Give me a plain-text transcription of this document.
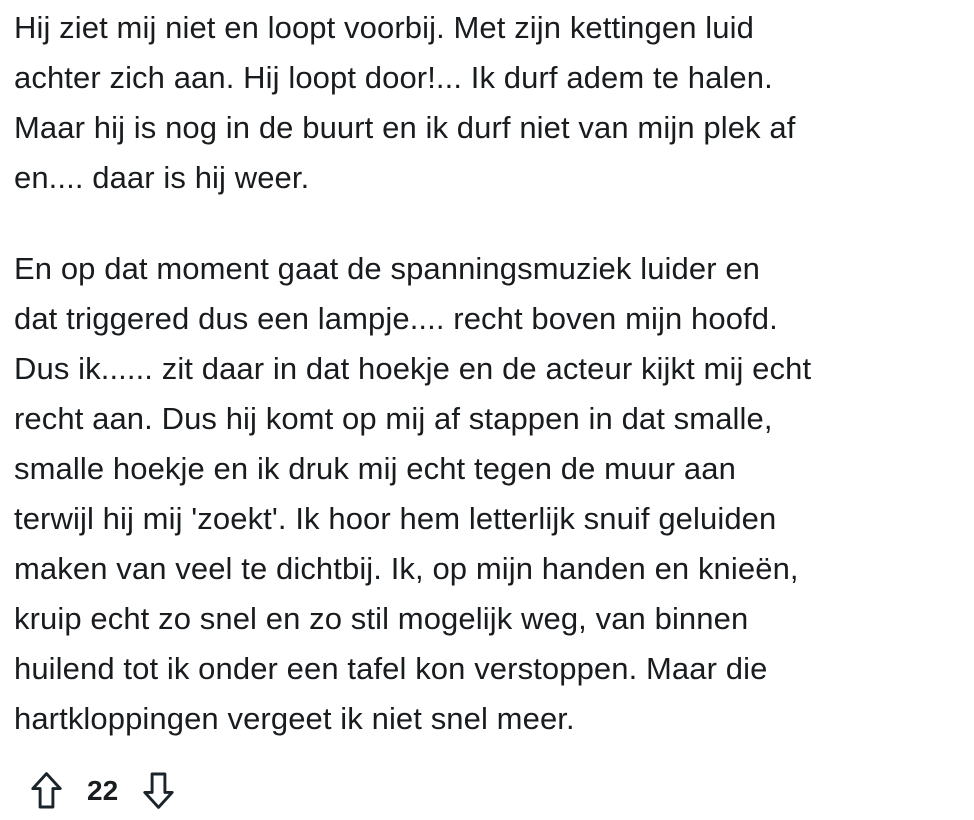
Hij ziet mij niet en loopt voorbij. Met zijn kettingen luid
achter zich aan. Hij loopt door!... Ik durf adem te halen.
Maar hij is nog in de buurt en ik durf niet van mijn plek af
en.... daar is hij weer.

En op dat moment gaat de spanningsmuziek luider en
dat triggered dus een lampje.... recht boven mijn hoofd.
Dus ik...... zit daar in dat hoekje en de acteur kijkt mij echt
recht aan. Dus hij komt op mij af stappen in dat smalle,
smalle hoekje en ik druk mij echt tegen de muur aan
terwijl hij mij 'zoekt'. Ik hoor hem letterlijk snuif geluiden
maken van veel te dichtbij. Ik, op mijn handen en knieën,
kruip echt zo snel en zo stil mogelijk weg, van binnen
huilend tot ik onder een tafel kon verstoppen. Maar die
hartkloppingen vergeet ik niet snel meer.

22
